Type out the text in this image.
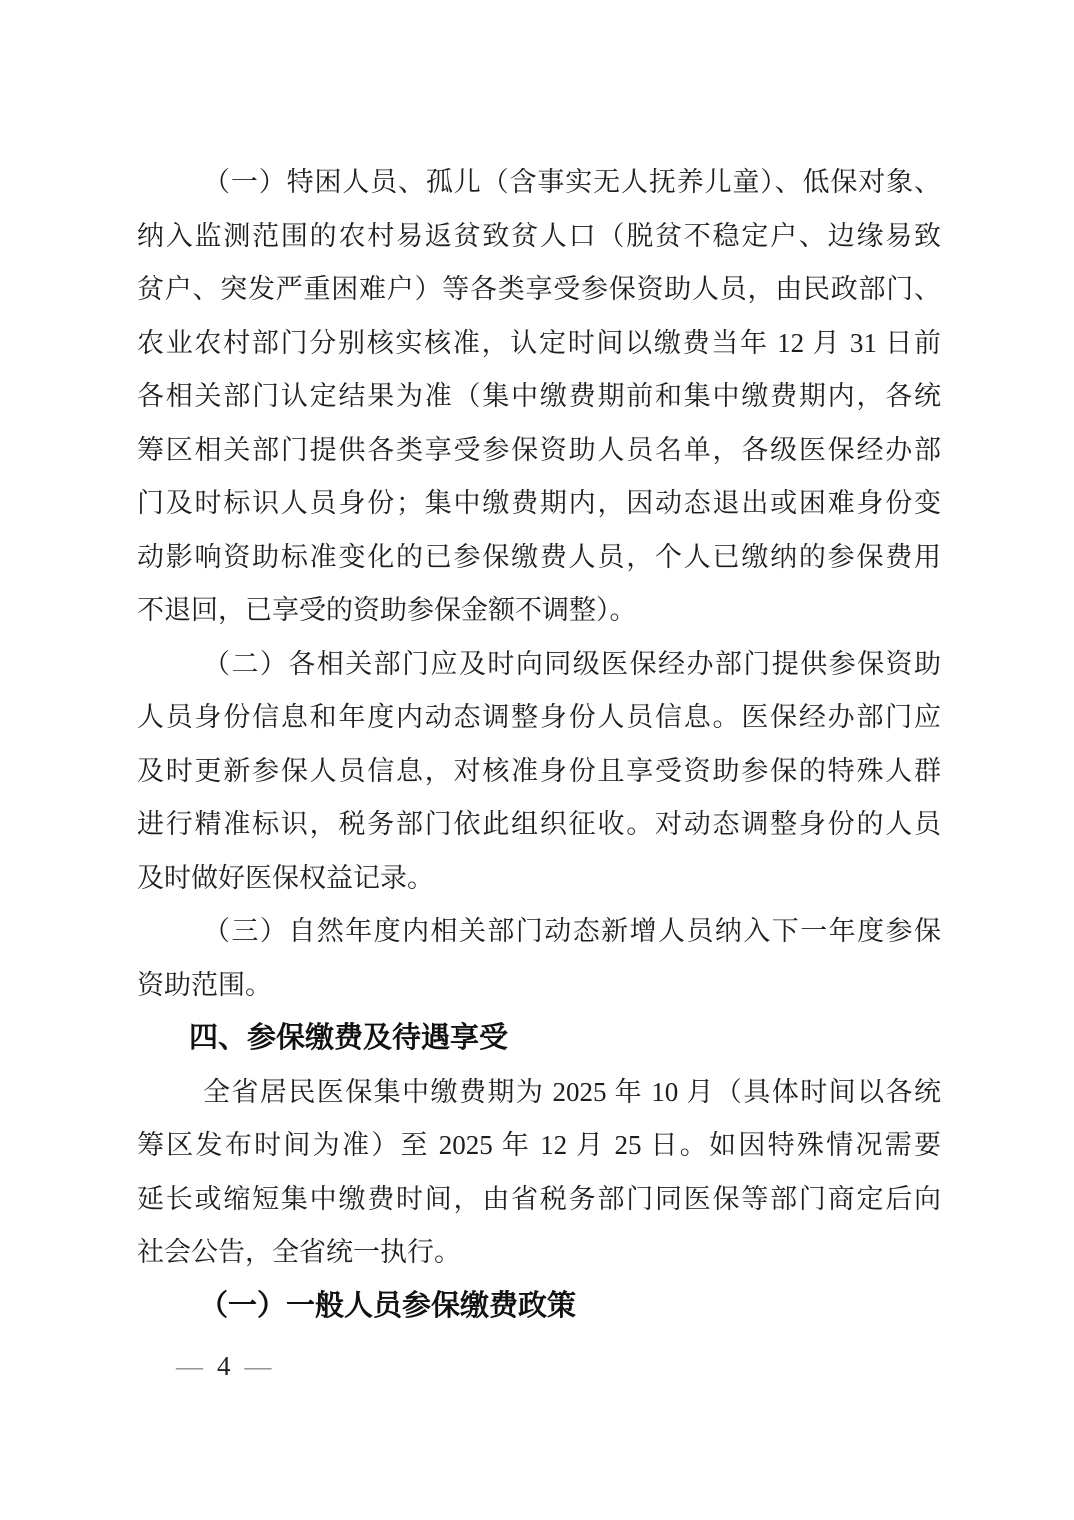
（一）特困人员、孤儿（含事实无人抚养儿童）、低保对象、
纳入监测范围的农村易返贫致贫人口（脱贫不稳定户、边缘易致
贫户、突发严重困难户）等各类享受参保资助人员，由民政部门、
农业农村部门分别核实核准，认定时间以缴费当年 12 月 31 日前
各相关部门认定结果为准（集中缴费期前和集中缴费期内，各统
筹区相关部门提供各类享受参保资助人员名单，各级医保经办部
门及时标识人员身份；集中缴费期内，因动态退出或困难身份变
动影响资助标准变化的已参保缴费人员，个人已缴纳的参保费用
不退回，已享受的资助参保金额不调整）。
（二）各相关部门应及时向同级医保经办部门提供参保资助
人员身份信息和年度内动态调整身份人员信息。医保经办部门应
及时更新参保人员信息，对核准身份且享受资助参保的特殊人群
进行精准标识，税务部门依此组织征收。对动态调整身份的人员
及时做好医保权益记录。
（三）自然年度内相关部门动态新增人员纳入下一年度参保
资助范围。
四、参保缴费及待遇享受
全省居民医保集中缴费期为 2025 年 10 月（具体时间以各统
筹区发布时间为准）至 2025 年 12 月 25 日。如因特殊情况需要
延长或缩短集中缴费时间，由省税务部门同医保等部门商定后向
社会公告，全省统一执行。
（一）一般人员参保缴费政策
— 4 —
